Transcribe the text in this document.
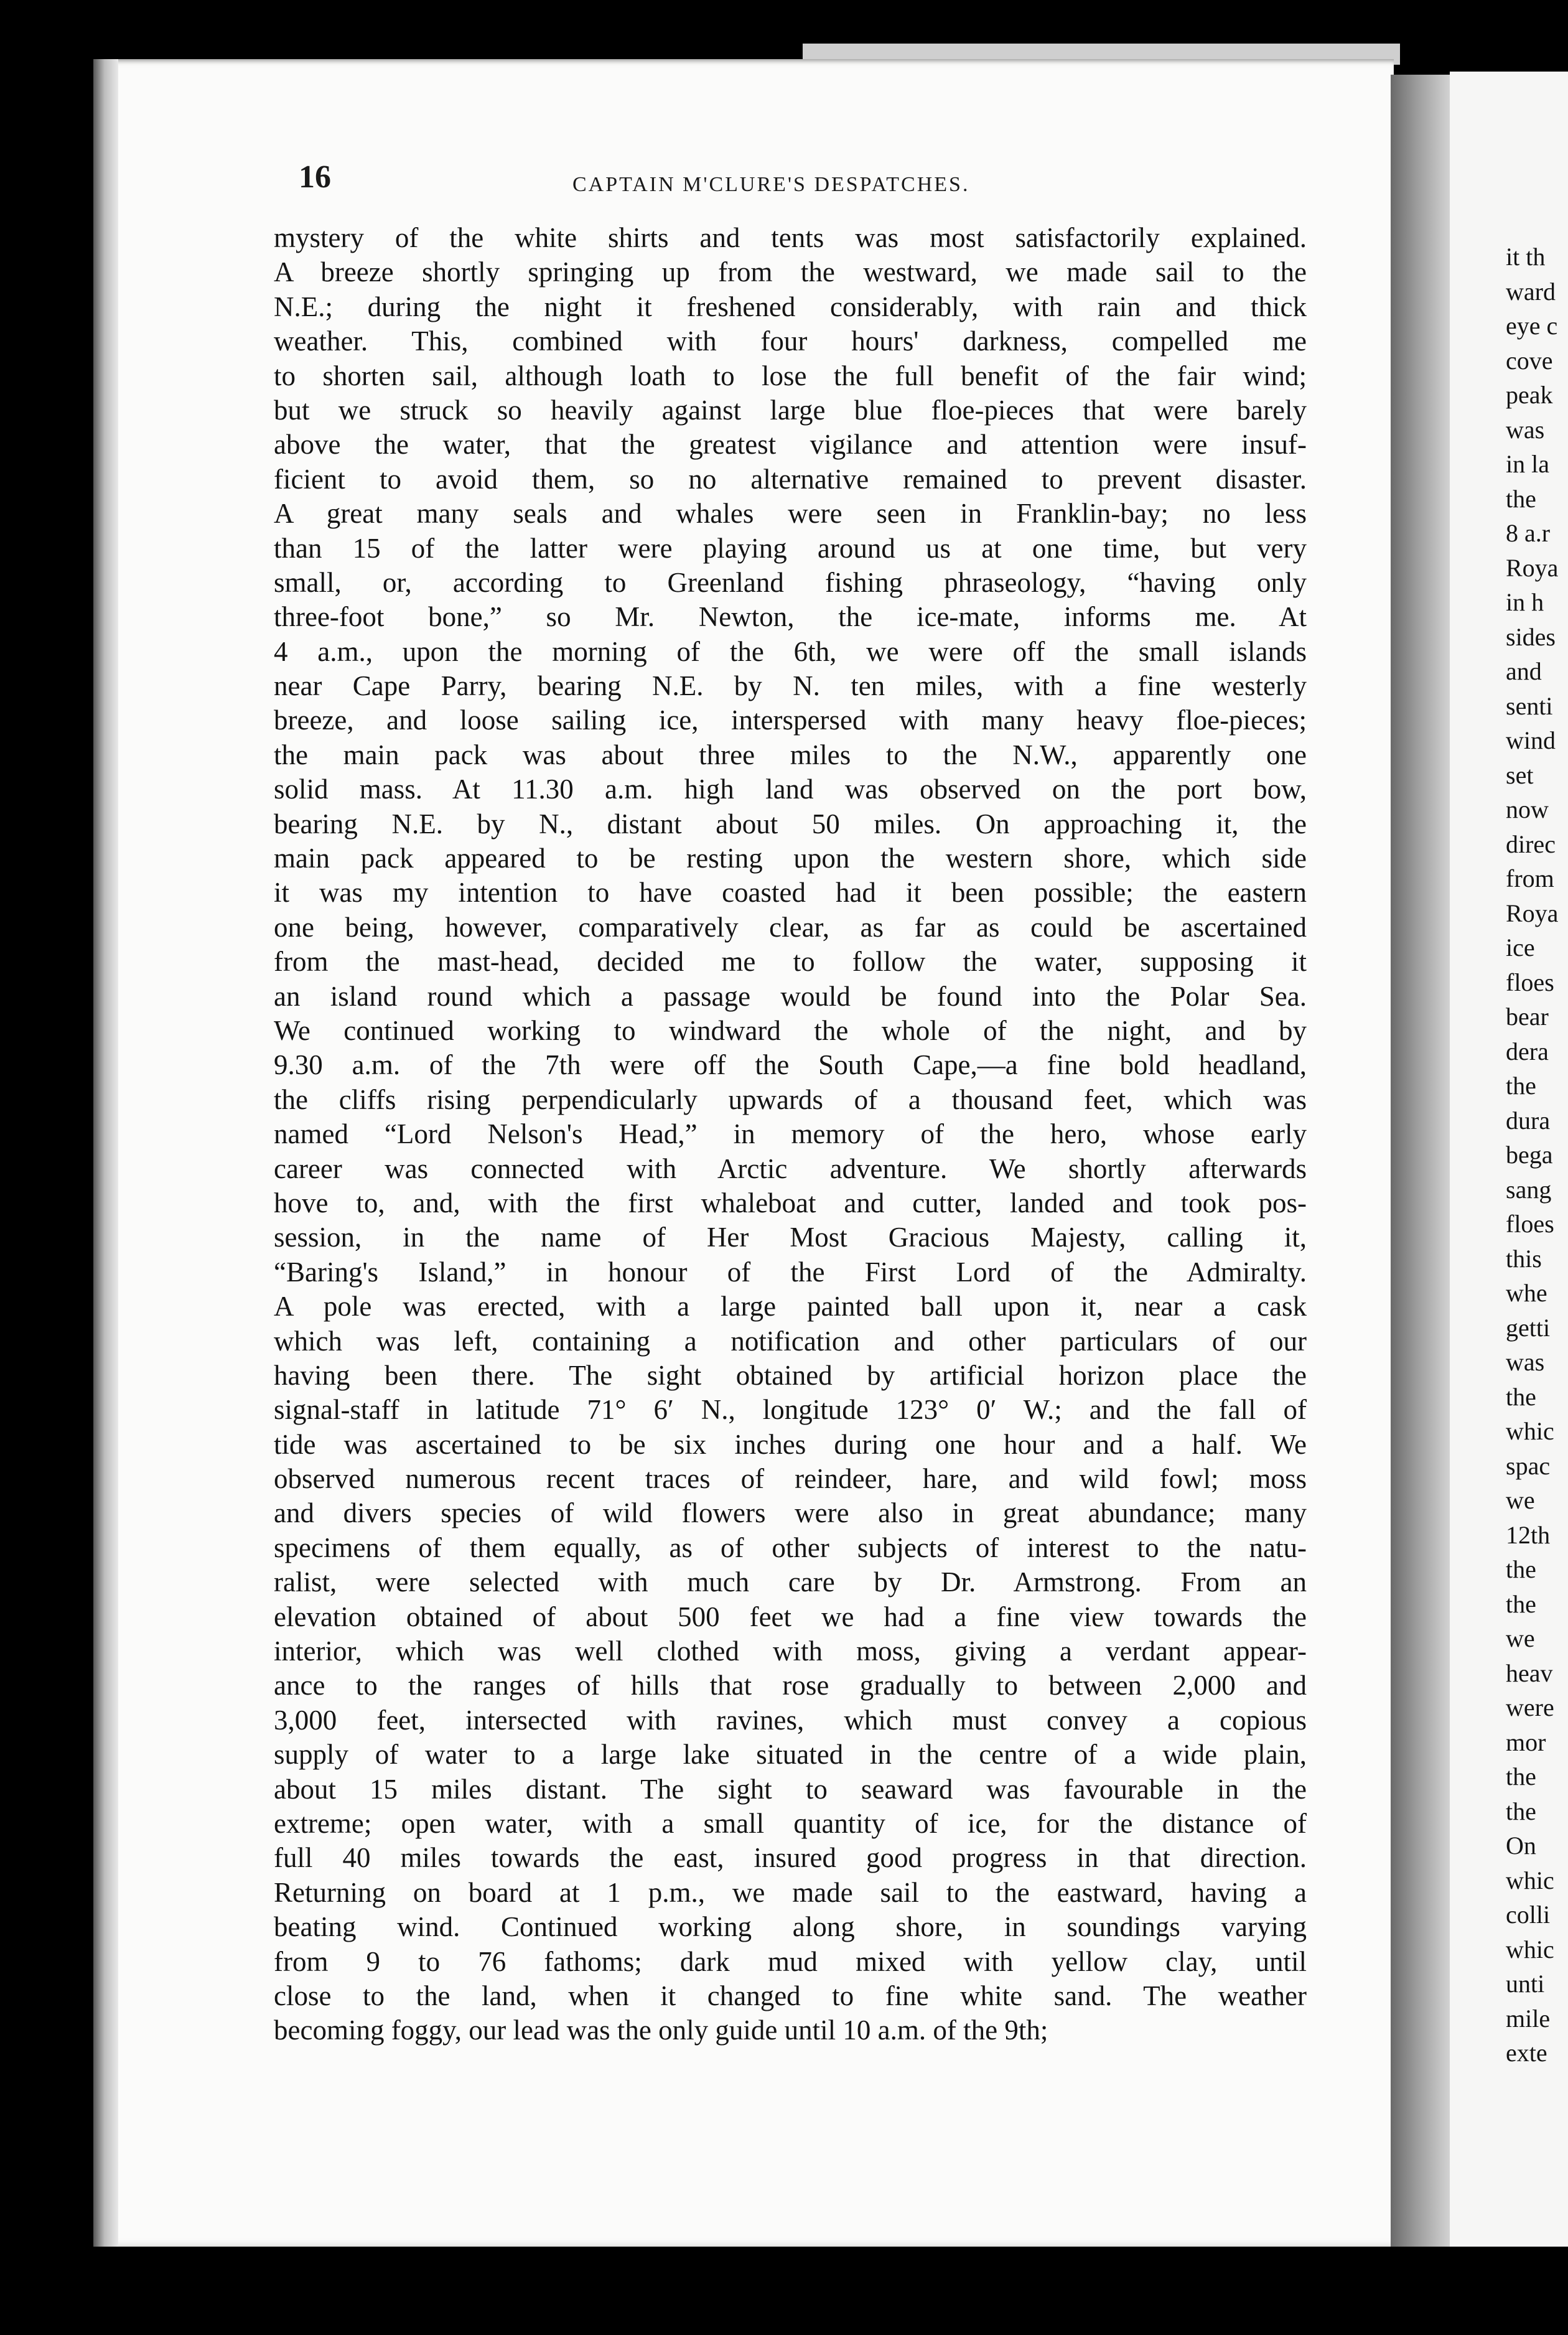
16	CAPTAIN M'CLURE'S DESPATCHES.
mystery of the white shirts and tents was most satisfactorily explained.
A breeze shortly springing up from the westward, we made sail to the
N.E.; during the night it freshened considerably, with rain and thick
weather. This, combined with four hours' darkness, compelled me
to shorten sail, although loath to lose the full benefit of the fair wind;
but we struck so heavily against large blue floe-pieces that were barely
above the water, that the greatest vigilance and attention were insuf-
ficient to avoid them, so no alternative remained to prevent disaster.
A great many seals and whales were seen in Franklin-bay; no less
than 15 of the latter were playing around us at one time, but very
small, or, according to Greenland fishing phraseology, “having only
three-foot bone,” so Mr. Newton, the ice-mate, informs me. At
4 a.m., upon the morning of the 6th, we were off the small islands
near Cape Parry, bearing N.E. by N. ten miles, with a fine westerly
breeze, and loose sailing ice, interspersed with many heavy floe-pieces;
the main pack was about three miles to the N.W., apparently one
solid mass. At 11.30 a.m. high land was observed on the port bow,
bearing N.E. by N., distant about 50 miles. On approaching it, the
main pack appeared to be resting upon the western shore, which side
it was my intention to have coasted had it been possible; the eastern
one being, however, comparatively clear, as far as could be ascertained
from the mast-head, decided me to follow the water, supposing it
an island round which a passage would be found into the Polar Sea.
We continued working to windward the whole of the night, and by
9.30 a.m. of the 7th were off the South Cape,—a fine bold headland,
the cliffs rising perpendicularly upwards of a thousand feet, which was
named “Lord Nelson's Head,” in memory of the hero, whose early
career was connected with Arctic adventure. We shortly afterwards
hove to, and, with the first whaleboat and cutter, landed and took pos-
session, in the name of Her Most Gracious Majesty, calling it,
“Baring's Island,” in honour of the First Lord of the Admiralty.
A pole was erected, with a large painted ball upon it, near a cask
which was left, containing a notification and other particulars of our
having been there. The sight obtained by artificial horizon place the
signal-staff in latitude 71° 6′ N., longitude 123° 0′ W.; and the fall of
tide was ascertained to be six inches during one hour and a half. We
observed numerous recent traces of reindeer, hare, and wild fowl; moss
and divers species of wild flowers were also in great abundance; many
specimens of them equally, as of other subjects of interest to the natu-
ralist, were selected with much care by Dr. Armstrong. From an
elevation obtained of about 500 feet we had a fine view towards the
interior, which was well clothed with moss, giving a verdant appear-
ance to the ranges of hills that rose gradually to between 2,000 and
3,000 feet, intersected with ravines, which must convey a copious
supply of water to a large lake situated in the centre of a wide plain,
about 15 miles distant. The sight to seaward was favourable in the
extreme; open water, with a small quantity of ice, for the distance of
full 40 miles towards the east, insured good progress in that direction.
Returning on board at 1 p.m., we made sail to the eastward, having a
beating wind. Continued working along shore, in soundings varying
from 9 to 76 fathoms; dark mud mixed with yellow clay, until
close to the land, when it changed to fine white sand. The weather
becoming foggy, our lead was the only guide until 10 a.m. of the 9th;
it th
ward
eye c
cove
peak
was
in la
the
8 a.r
Roya
in h
sides
and
senti
wind
set
now
direc
from
Roya
ice
floes
bear
dera
the
dura
bega
sang
floes
this
whe
getti
was
the
whic
spac
we
12th
the
the
we
heav
were
mor
the
the
On
whic
colli
whic
unti
mile
exte
